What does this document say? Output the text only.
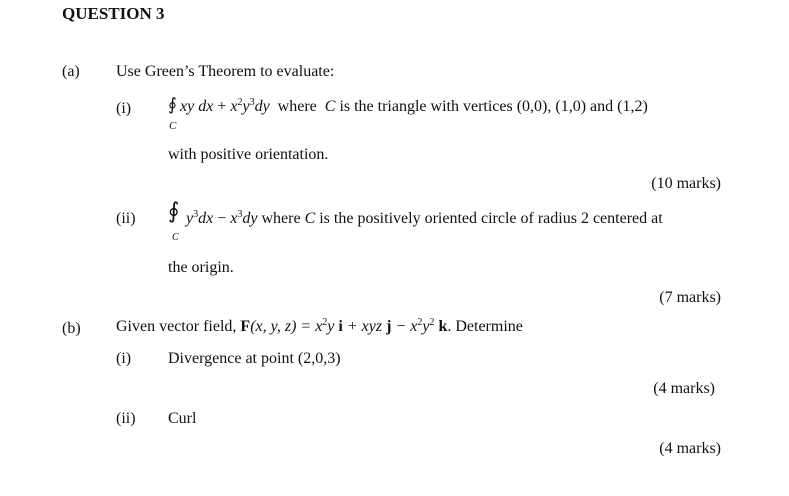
QUESTION 3
(a) Use Green’s Theorem to evaluate:
(i) ∮
C
xy dx + $x^2y^3dy$ where C is the triangle with vertices (0,0), (1,0) and (1,2)
with positive orientation.
(10 marks)
(ii) ∮
C
$y^3dx - x^3dy$ where C is the positively oriented circle of radius 2 centered at
the origin.
(7 marks)
(b) Given vector field, F(x, y, $z) = x^2y$ i + xyz $j - x^2y^2$ k. Determine
(i) Divergence at point (2,0,3)
(4 marks)
(ii) Curl
(4 marks)
